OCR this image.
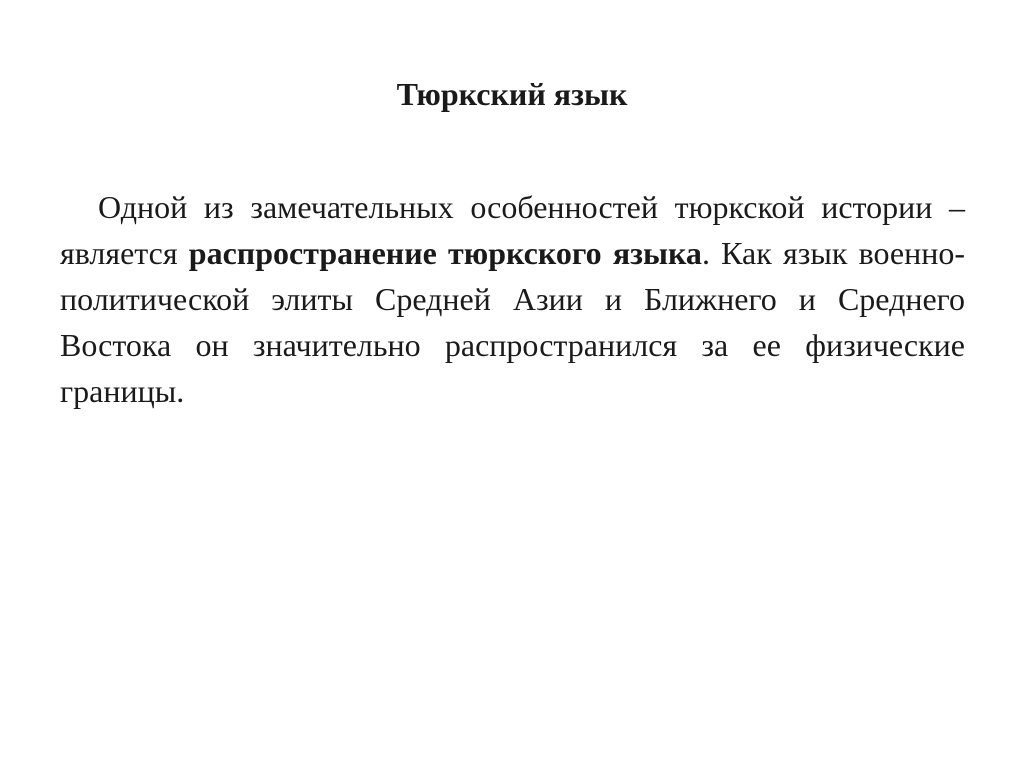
Тюркский язык

Одной из замечательных особенностей тюркской истории – является распространение тюркского языка. Как язык военно-политической элиты Средней Азии и Ближнего и Среднего Востока он значительно распространился за ее физические границы.
